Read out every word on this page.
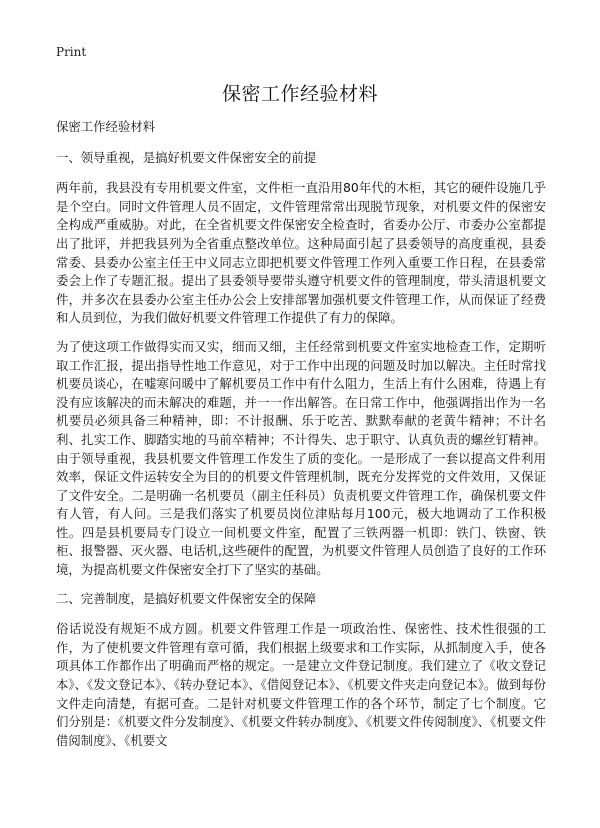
Print
保密工作经验材料

保密工作经验材料

一、领导重视，是搞好机要文件保密安全的前提

两年前，我县没有专用机要文件室，文件柜一直沿用80年代的木柜，其它的硬件设施几乎是个空白。同时文件管理人员不固定，文件管理常常出现脱节现象，对机要文件的保密安全构成严重威胁。对此，在全省机要文件保密安全检查时，省委办公厅、市委办公室都提出了批评，并把我县列为全省重点整改单位。这种局面引起了县委领导的高度重视，县委常委、县委办公室主任王中义同志立即把机要文件管理工作列入重要工作日程，在县委常委会上作了专题汇报。提出了县委领导要带头遵守机要文件的管理制度，带头清退机要文件，并多次在县委办公室主任办公会上安排部署加强机要文件管理工作，从而保证了经费和人员到位，为我们做好机要文件管理工作提供了有力的保障。

为了使这项工作做得实而又实，细而又细，主任经常到机要文件室实地检查工作，定期听取工作汇报，提出指导性地工作意见，对于工作中出现的问题及时加以解决。主任时常找机要员谈心，在嘘寒问暖中了解机要员工作中有什么阻力，生活上有什么困难，待遇上有没有应该解决的而未解决的难题，并一一作出解答。在日常工作中，他强调指出作为一名机要员必须具备三种精神，即：不计报酬、乐于吃苦、默默奉献的老黄牛精神；不计名利、扎实工作、脚踏实地的马前卒精神；不计得失、忠于职守、认真负责的螺丝钉精神。由于领导重视，我县机要文件管理工作发生了质的变化。一是形成了一套以提高文件利用效率，保证文件运转安全为目的的机要文件管理机制，既充分发挥党的文件效用，又保证了文件安全。二是明确一名机要员（副主任科员）负责机要文件管理工作，确保机要文件有人管，有人问。三是我们落实了机要员岗位津贴每月100元，极大地调动了工作积极性。四是县机要局专门设立一间机要文件室，配置了三铁两器一机即：铁门、铁窗、铁柜、报警器、灭火器、电话机,这些硬件的配置，为机要文件管理人员创造了良好的工作环境，为提高机要文件保密安全打下了坚实的基础。

二、完善制度，是搞好机要文件保密安全的保障

俗话说没有规矩不成方圆。机要文件管理工作是一项政治性、保密性、技术性很强的工作，为了使机要文件管理有章可循，我们根据上级要求和工作实际，从抓制度入手，使各项具体工作都作出了明确而严格的规定。一是建立文件登记制度。我们建立了《收文登记本》、《发文登记本》、《转办登记本》、《借阅登记本》、《机要文件夹走向登记本》。做到每份文件走向清楚，有据可查。二是针对机要文件管理工作的各个环节，制定了七个制度。它们分别是：《机要文件分发制度》、《机要文件转办制度》、《机要文件传阅制度》、《机要文件借阅制度》、《机要文
